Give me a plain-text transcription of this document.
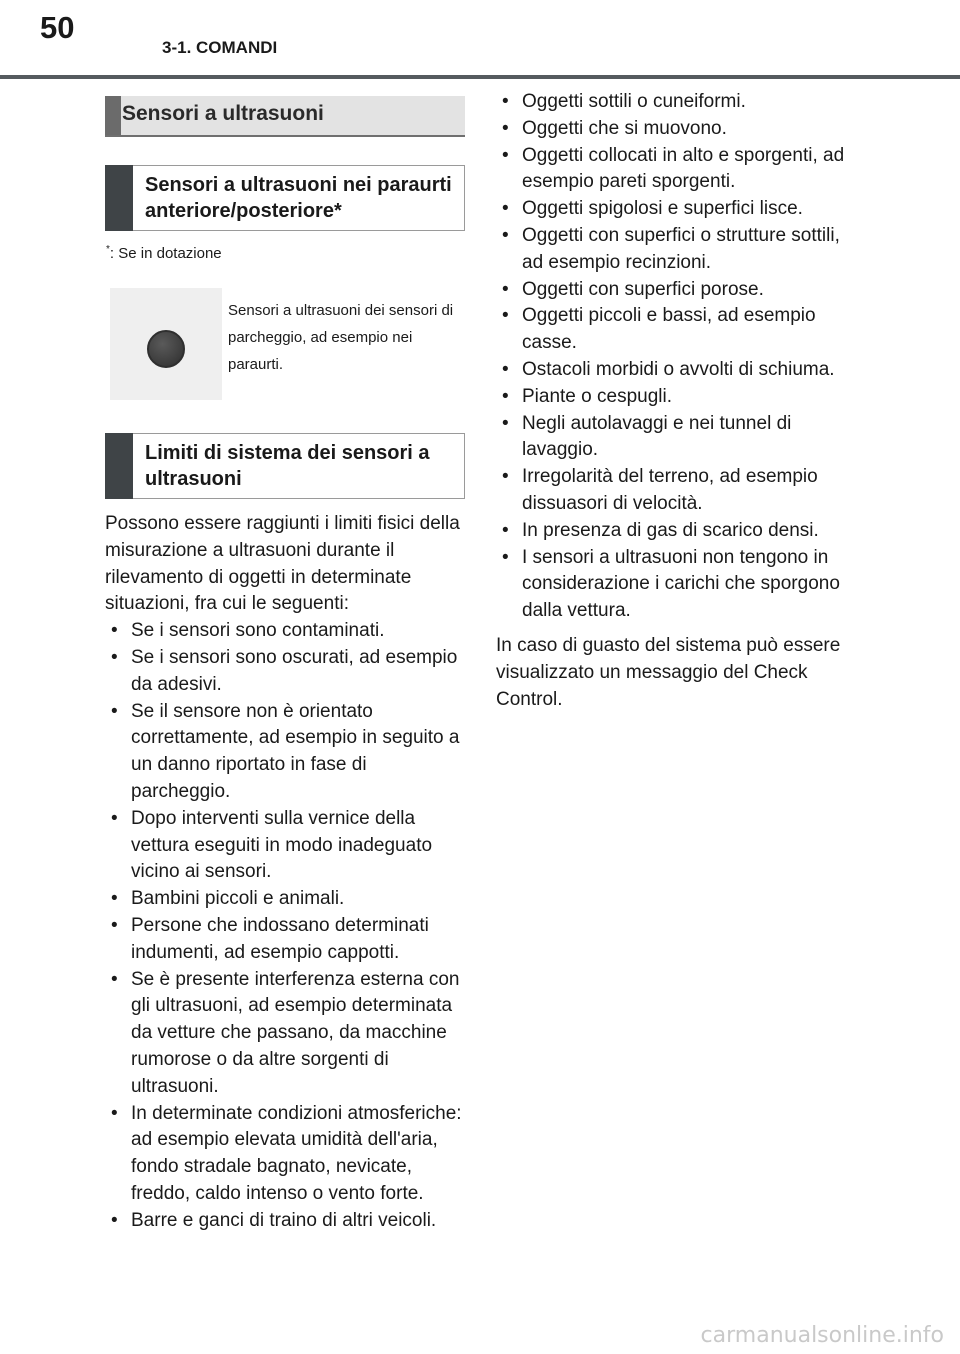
50
3-1. COMANDI
Sensori a ultrasuoni
Sensori a ultrasuoni nei paraurti anteriore/posteriore*
*: Se in dotazione
Sensori a ultrasuoni dei sensori di parcheggio, ad esempio nei paraurti.
Limiti di sistema dei sensori a ultrasuoni

Possono essere raggiunti i limiti fisici della misurazione a ultrasuoni durante il rilevamento di oggetti in determinate situazioni, fra cui le seguenti:

• Se i sensori sono contaminati.
• Se i sensori sono oscurati, ad esempio da adesivi.
• Se il sensore non è orientato correttamente, ad esempio in seguito a un danno riportato in fase di parcheggio.
• Dopo interventi sulla vernice della vettura eseguiti in modo inadeguato vicino ai sensori.
• Bambini piccoli e animali.
• Persone che indossano determinati indumenti, ad esempio cappotti.
• Se è presente interferenza esterna con gli ultrasuoni, ad esempio determinata da vetture che passano, da macchine rumorose o da altre sorgenti di ultrasuoni.
• In determinate condizioni atmosferiche: ad esempio elevata umidità dell'aria, fondo stradale bagnato, nevicate, freddo, caldo intenso o vento forte.
• Barre e ganci di traino di altri veicoli.
• Oggetti sottili o cuneiformi.
• Oggetti che si muovono.
• Oggetti collocati in alto e sporgenti, ad esempio pareti sporgenti.
• Oggetti spigolosi e superfici lisce.
• Oggetti con superfici o strutture sottili, ad esempio recinzioni.
• Oggetti con superfici porose.
• Oggetti piccoli e bassi, ad esempio casse.
• Ostacoli morbidi o avvolti di schiuma.
• Piante o cespugli.
• Negli autolavaggi e nei tunnel di lavaggio.
• Irregolarità del terreno, ad esempio dissuasori di velocità.
• In presenza di gas di scarico densi.
• I sensori a ultrasuoni non tengono in considerazione i carichi che sporgono dalla vettura.

In caso di guasto del sistema può essere visualizzato un messaggio del Check Control.

carmanualsonline.info
